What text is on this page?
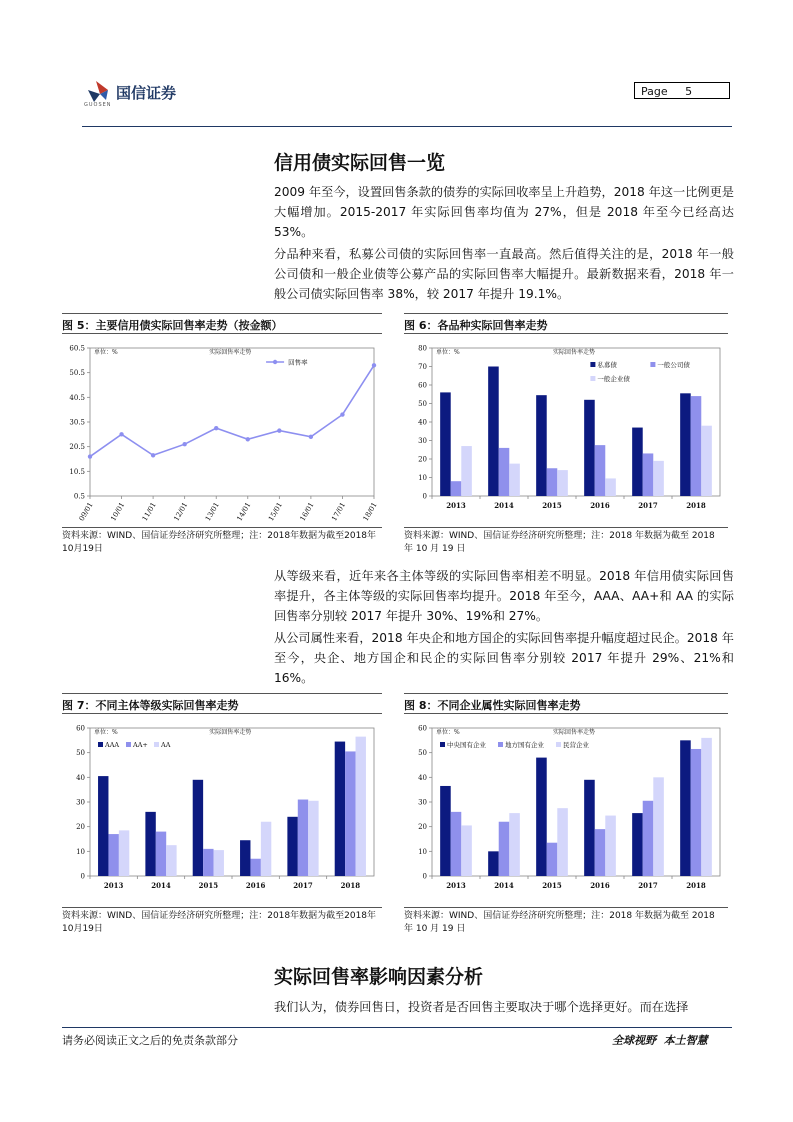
国信证券
GUOSEN
Page 5
信用债实际回售一览
2009 年至今，设置回售条款的债券的实际回收率呈上升趋势，2018 年这一比例更是大幅增加。2015-2017 年实际回售率均值为 27%，但是 2018 年至今已经高达 53%。
分品种来看，私募公司债的实际回售率一直最高。然后值得关注的是，2018 年一般公司债和一般企业债等公募产品的实际回售率大幅提升。最新数据来看，2018 年一般公司债实际回售率 38%，较 2017 年提升 19.1%。
图 5：主要信用债实际回售率走势（按金额）
单位：%	实际回售率走势
0.5
10.5
20.5
30.5
40.5
50.5
60.5
09/01 10/01 11/01 12/01 13/01 14/01 15/01 16/01 17/01 18/01
回售率
资料来源：WIND、国信证券经济研究所整理；注：2018年数据为截至2018年10月19日
图 6：各品种实际回售率走势
单位：%	实际回售率走势
0
10
20
30
40
50
60
70
80
2013	2014	2015	2016	2017	2018
私募债	一般公司债
一般企业债
资料来源：WIND、国信证券经济研究所整理；注：2018 年数据为截至 2018 年 10 月 19 日
从等级来看，近年来各主体等级的实际回售率相差不明显。2018 年信用债实际回售率提升，各主体等级的实际回售率均提升。2018 年至今，AAA、AA+和 AA 的实际回售率分别较 2017 年提升 30%、19%和 27%。
从公司属性来看，2018 年央企和地方国企的实际回售率提升幅度超过民企。2018 年至今，央企、地方国企和民企的实际回售率分别较 2017 年提升 29%、21%和 16%。
图 7：不同主体等级实际回售率走势
单位：%	实际回售率走势
0
10
20
30
40
50
60
2013	2014	2015	2016	2017	2018
AAA AA+ AA
资料来源：WIND、国信证券经济研究所整理；注：2018年数据为截至2018年10月19日
图 8：不同企业属性实际回售率走势
单位：%	实际回售率走势
0
10
20
30
40
50
60
2013	2014	2015	2016	2017	2018
中央国有企业	地方国有企业	民营企业
资料来源：WIND、国信证券经济研究所整理；注：2018 年数据为截至 2018 年 10 月 19 日
实际回售率影响因素分析
我们认为，债券回售日，投资者是否回售主要取决于哪个选择更好。而在选择
请务必阅读正文之后的免责条款部分	全球视野  本土智慧
